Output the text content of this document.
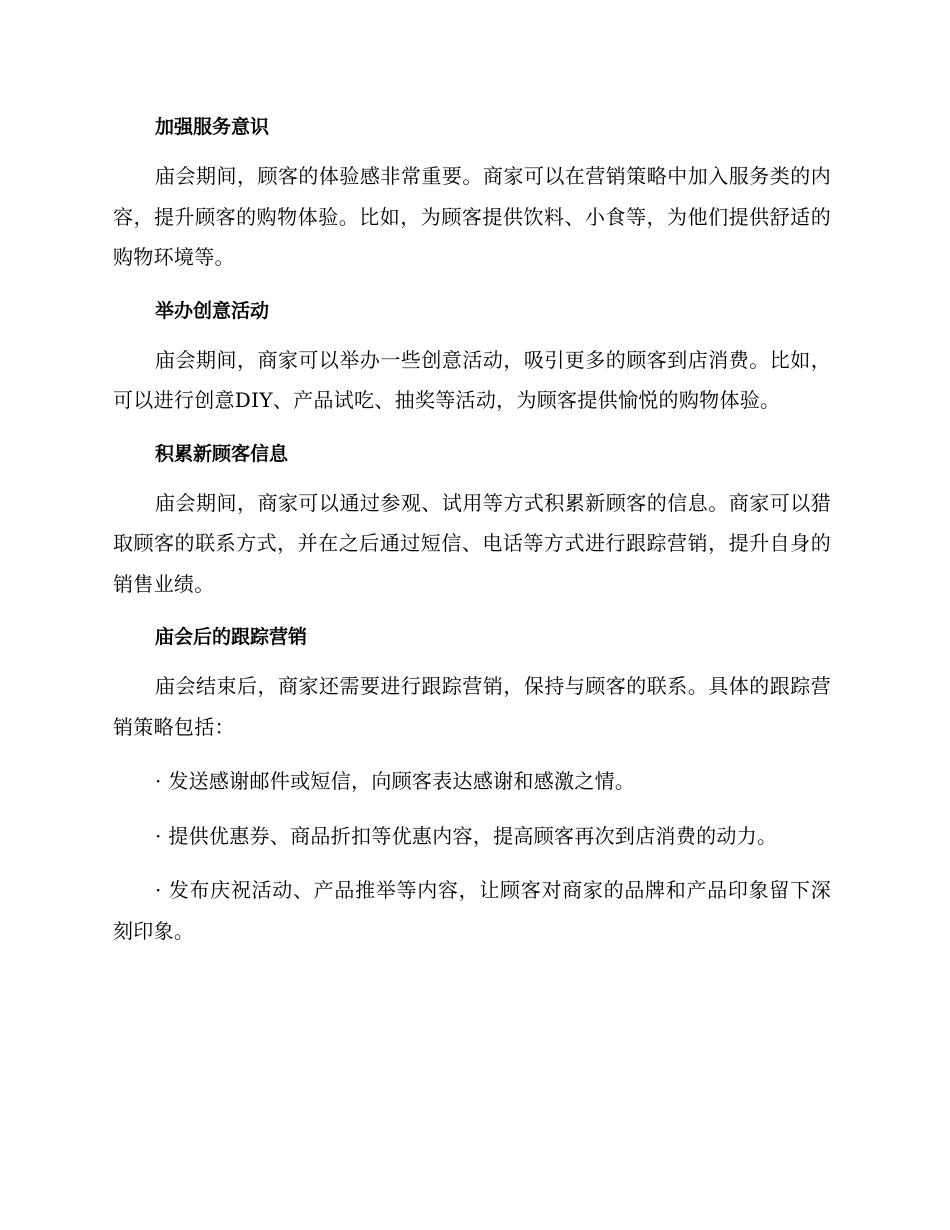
加强服务意识

庙会期间，顾客的体验感非常重要。商家可以在营销策略中加入服务类的内容，提升顾客的购物体验。比如，为顾客提供饮料、小食等，为他们提供舒适的购物环境等。

举办创意活动

庙会期间，商家可以举办一些创意活动，吸引更多的顾客到店消费。比如，可以进行创意DIY、产品试吃、抽奖等活动，为顾客提供愉悦的购物体验。

积累新顾客信息

庙会期间，商家可以通过参观、试用等方式积累新顾客的信息。商家可以猎取顾客的联系方式，并在之后通过短信、电话等方式进行跟踪营销，提升自身的销售业绩。

庙会后的跟踪营销

庙会结束后，商家还需要进行跟踪营销，保持与顾客的联系。具体的跟踪营销策略包括：

· 发送感谢邮件或短信，向顾客表达感谢和感激之情。

· 提供优惠券、商品折扣等优惠内容，提高顾客再次到店消费的动力。

· 发布庆祝活动、产品推举等内容，让顾客对商家的品牌和产品印象留下深刻印象。
